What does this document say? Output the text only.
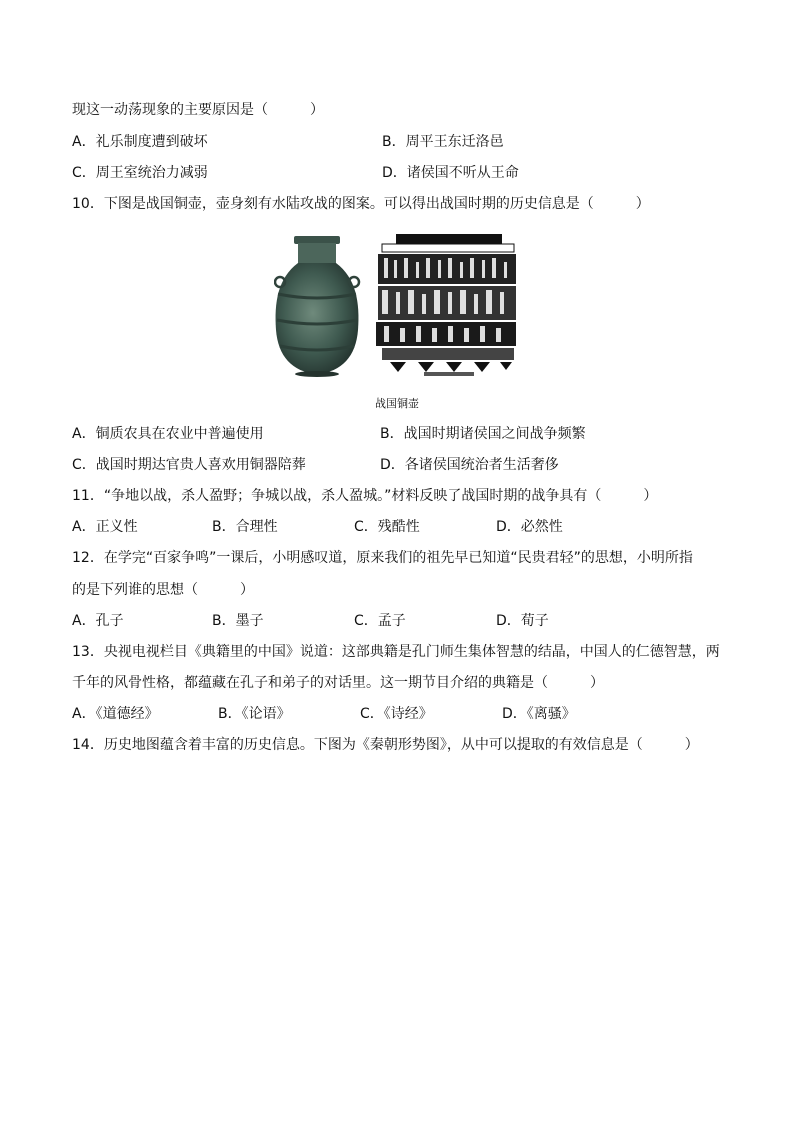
现这一动荡现象的主要原因是（　　　）
A．礼乐制度遭到破坏	B．周平王东迁洛邑
C．周王室统治力减弱	D．诸侯国不听从王命
10．下图是战国铜壶，壶身刻有水陆攻战的图案。可以得出战国时期的历史信息是（　　　）
战国铜壶
A．铜质农具在农业中普遍使用	B．战国时期诸侯国之间战争频繁
C．战国时期达官贵人喜欢用铜器陪葬	D．各诸侯国统治者生活奢侈
11．“争地以战，杀人盈野；争城以战，杀人盈城。”材料反映了战国时期的战争具有（　　　）
A．正义性	B．合理性	C．残酷性	D．必然性
12．在学完“百家争鸣”一课后，小明感叹道，原来我们的祖先早已知道“民贵君轻”的思想，小明所指
的是下列谁的思想（　　　）
A．孔子	B．墨子	C．孟子	D．荀子
13．央视电视栏目《典籍里的中国》说道：这部典籍是孔门师生集体智慧的结晶，中国人的仁德智慧，两
千年的风骨性格，都蕴藏在孔子和弟子的对话里。这一期节目介绍的典籍是（　　　）
A．《道德经》	B．《论语》	C．《诗经》	D．《离骚》
14．历史地图蕴含着丰富的历史信息。下图为《秦朝形势图》，从中可以提取的有效信息是（　　　）
